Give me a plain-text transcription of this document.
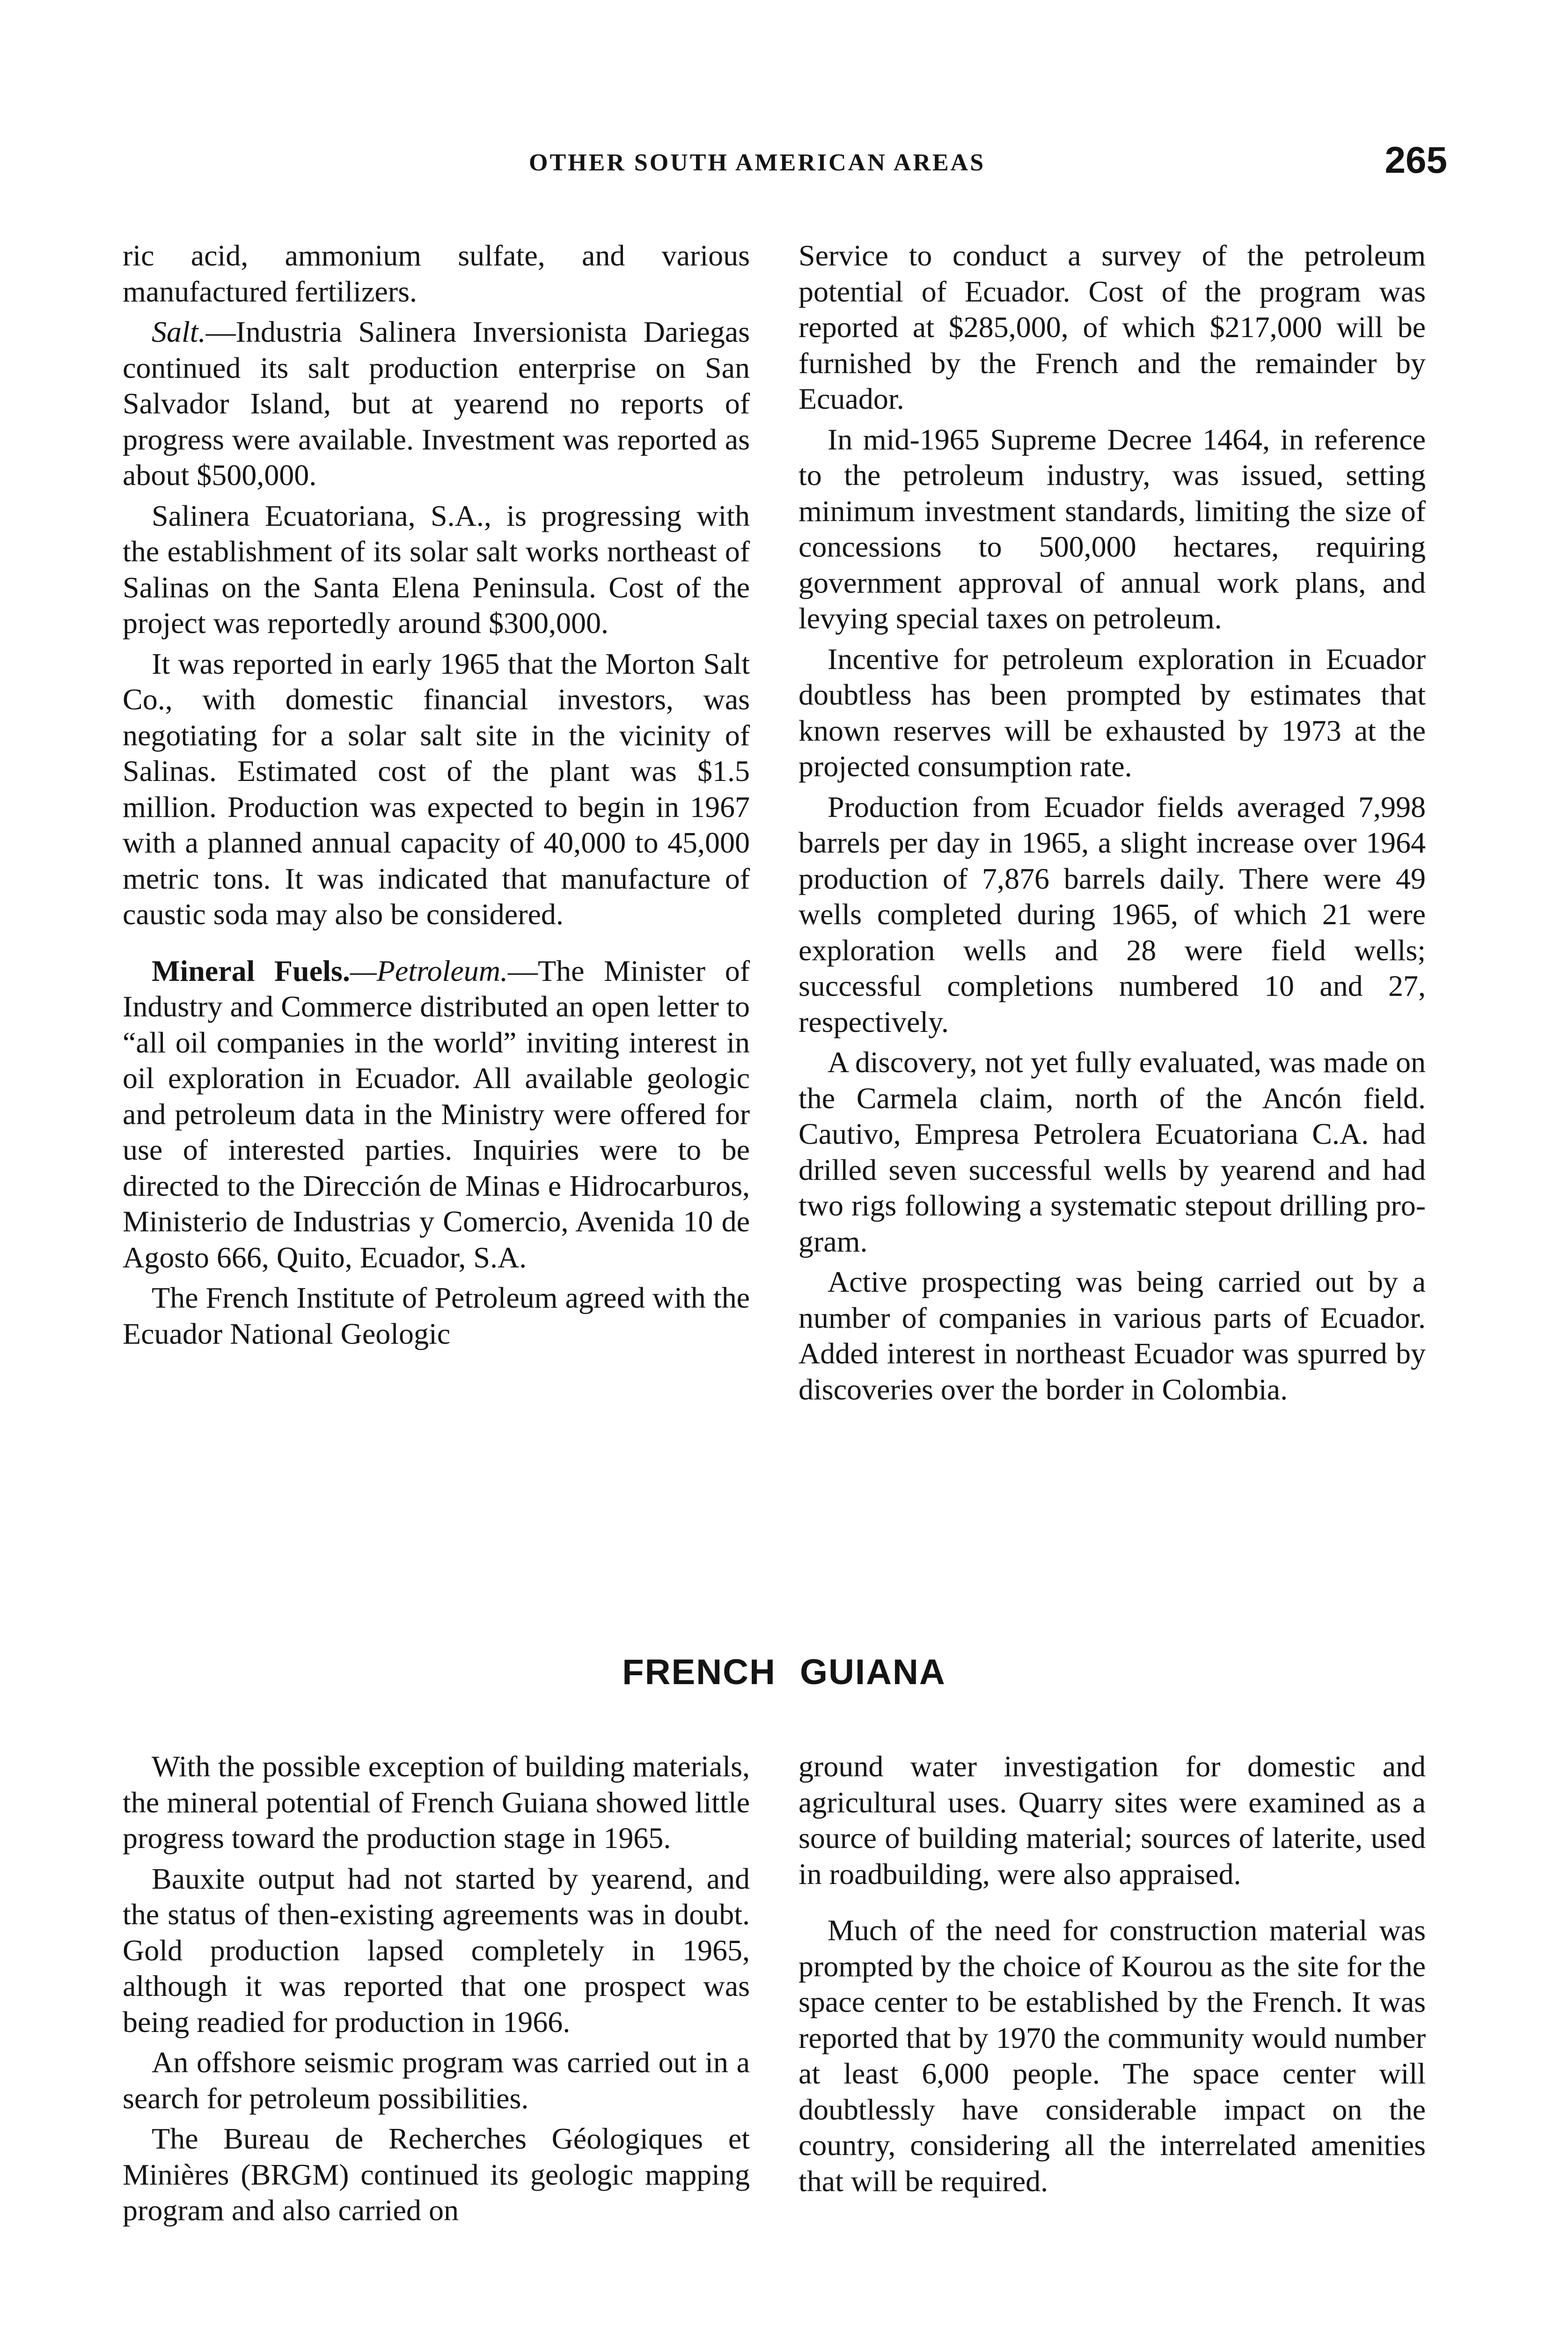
OTHER SOUTH AMERICAN AREAS	265

ric acid, ammonium sulfate, and various manufactured fertilizers.

Salt.—Industria Salinera Inversionista Dariegas continued its salt production enterprise on San Salvador Island, but at yearend no reports of progress were available. Investment was reported as about $500,000.

Salinera Ecuatoriana, S.A., is progressing with the establishment of its solar salt works northeast of Salinas on the Santa Elena Peninsula. Cost of the project was reportedly around $300,000.

It was reported in early 1965 that the Morton Salt Co., with domestic financial investors, was negotiating for a solar salt site in the vicinity of Salinas. Estimated cost of the plant was $1.5 million. Production was expected to begin in 1967 with a planned annual capacity of 40,000 to 45,000 metric tons. It was indicated that manufacture of caustic soda may also be considered.

Mineral Fuels.—Petroleum.—The Minister of Industry and Commerce distributed an open letter to “all oil companies in the world” inviting interest in oil exploration in Ecuador. All available geologic and petroleum data in the Ministry were offered for use of interested parties. Inquiries were to be directed to the Dirección de Minas e Hidrocarburos, Ministerio de Industrias y Comercio, Avenida 10 de Agosto 666, Quito, Ecuador, S.A.

The French Institute of Petroleum agreed with the Ecuador National Geologic

Service to conduct a survey of the petroleum potential of Ecuador. Cost of the program was reported at $285,000, of which $217,000 will be furnished by the French and the remainder by Ecuador.

In mid-1965 Supreme Decree 1464, in reference to the petroleum industry, was issued, setting minimum investment standards, limiting the size of concessions to 500,000 hectares, requiring government approval of annual work plans, and levying special taxes on petroleum.

Incentive for petroleum exploration in Ecuador doubtless has been prompted by estimates that known reserves will be exhausted by 1973 at the projected consumption rate.

Production from Ecuador fields averaged 7,998 barrels per day in 1965, a slight increase over 1964 production of 7,876 barrels daily. There were 49 wells completed during 1965, of which 21 were exploration wells and 28 were field wells; successful completions numbered 10 and 27, respectively.

A discovery, not yet fully evaluated, was made on the Carmela claim, north of the Ancón field. Cautivo, Empresa Petrolera Ecuatoriana C.A. had drilled seven successful wells by yearend and had two rigs following a systematic stepout drilling program.

Active prospecting was being carried out by a number of companies in various parts of Ecuador. Added interest in northeast Ecuador was spurred by discoveries over the border in Colombia.

FRENCH GUIANA

With the possible exception of building materials, the mineral potential of French Guiana showed little progress toward the production stage in 1965.

Bauxite output had not started by yearend, and the status of then-existing agreements was in doubt. Gold production lapsed completely in 1965, although it was reported that one prospect was being readied for production in 1966.

An offshore seismic program was carried out in a search for petroleum possibilities.

The Bureau de Recherches Géologiques et Minières (BRGM) continued its geologic mapping program and also carried on

ground water investigation for domestic and agricultural uses. Quarry sites were examined as a source of building material; sources of laterite, used in roadbuilding, were also appraised.

Much of the need for construction material was prompted by the choice of Kourou as the site for the space center to be established by the French. It was reported that by 1970 the community would number at least 6,000 people. The space center will doubtlessly have considerable impact on the country, considering all the interrelated amenities that will be required.
